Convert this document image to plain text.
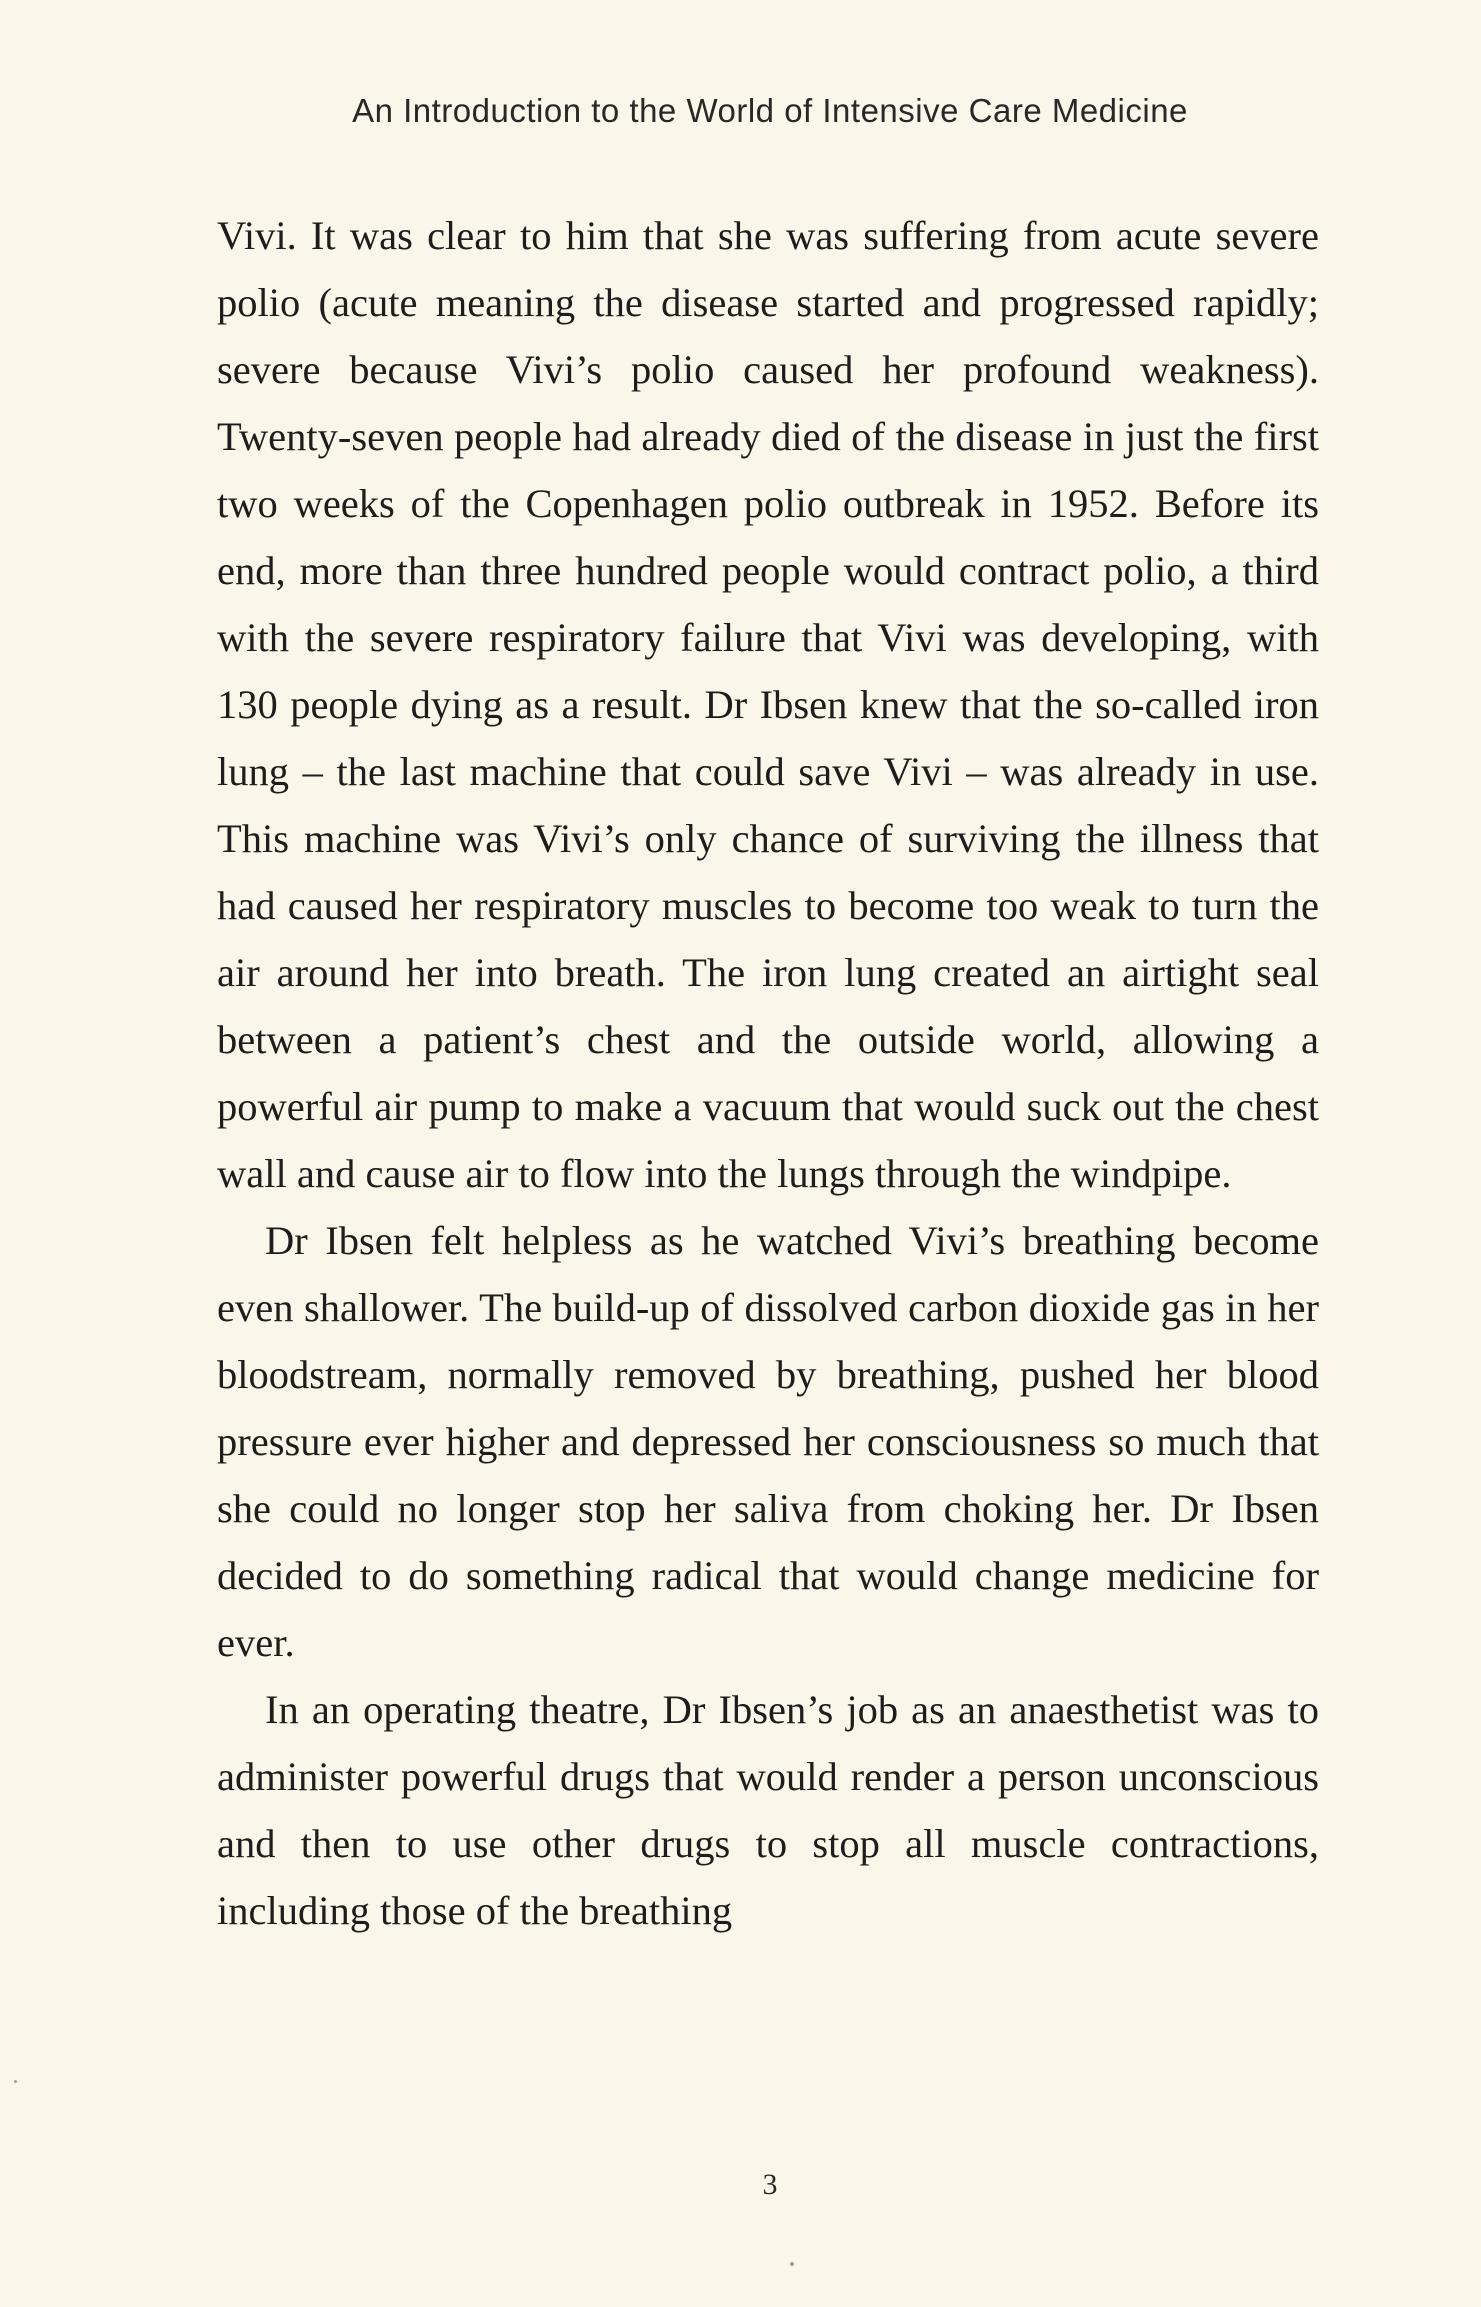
An Introduction to the World of Intensive Care Medicine

Vivi. It was clear to him that she was suffering from acute severe polio (acute meaning the disease started and progressed rapidly; severe because Vivi’s polio caused her profound weakness). Twenty-seven people had already died of the disease in just the first two weeks of the Copenhagen polio outbreak in 1952. Before its end, more than three hundred people would contract polio, a third with the severe respiratory failure that Vivi was developing, with 130 people dying as a result. Dr Ibsen knew that the so-called iron lung – the last machine that could save Vivi – was already in use. This machine was Vivi’s only chance of surviving the illness that had caused her respiratory muscles to become too weak to turn the air around her into breath. The iron lung created an airtight seal between a patient’s chest and the outside world, allowing a powerful air pump to make a vacuum that would suck out the chest wall and cause air to flow into the lungs through the windpipe.

Dr Ibsen felt helpless as he watched Vivi’s breathing become even shallower. The build-up of dissolved carbon dioxide gas in her bloodstream, normally removed by breathing, pushed her blood pressure ever higher and depressed her consciousness so much that she could no longer stop her saliva from choking her. Dr Ibsen decided to do something radical that would change medicine for ever.

In an operating theatre, Dr Ibsen’s job as an anaesthetist was to administer powerful drugs that would render a person unconscious and then to use other drugs to stop all muscle contractions, including those of the breathing

3
